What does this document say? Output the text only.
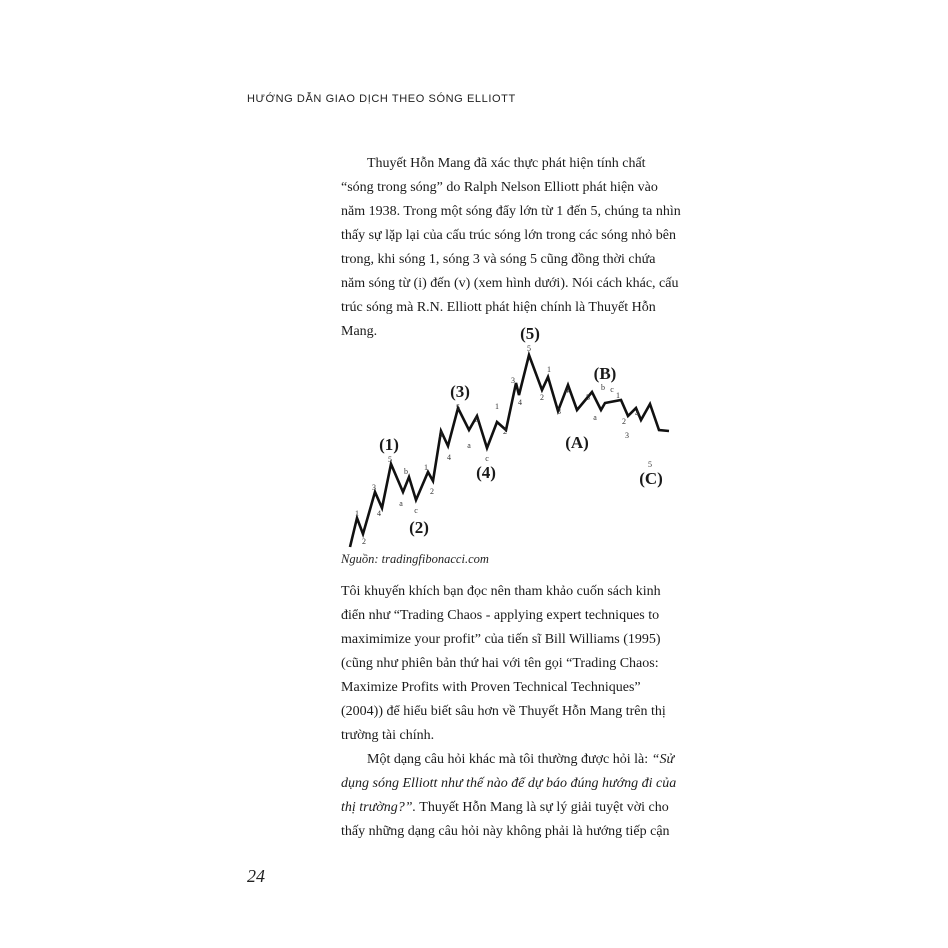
HƯỚNG DẪN GIAO DỊCH THEO SÓNG ELLIOTT

Thuyết Hỗn Mang đã xác thực phát hiện tính chất “sóng trong sóng” do Ralph Nelson Elliott phát hiện vào năm 1938. Trong một sóng đẩy lớn từ 1 đến 5, chúng ta nhìn thấy sự lặp lại của cấu trúc sóng lớn trong các sóng nhỏ bên trong, khi sóng 1, sóng 3 và sóng 5 cũng đồng thời chứa năm sóng từ (i) đến (v) (xem hình dưới). Nói cách khác, cấu trúc sóng mà R.N. Elliott phát hiện chính là Thuyết Hỗn Mang.

(1)
(2)
(3)
(4)
(5)
(A)
(B)
(C)
1
2
3
4
5
a
b
c
1
2
3
4
5
a
b
c
1
2
3
4
5
1
2
3
4
5
a
b c
1
2
3
4
5
Nguồn: tradingfibonacci.com

Tôi khuyến khích bạn đọc nên tham khảo cuốn sách kinh điển như “Trading Chaos - applying expert techniques to maximimize your profit” của tiến sĩ Bill Williams (1995) (cũng như phiên bản thứ hai với tên gọi “Trading Chaos: Maximize Profits with Proven Technical Techniques” (2004)) để hiểu biết sâu hơn về Thuyết Hỗn Mang trên thị trường tài chính.

Một dạng câu hỏi khác mà tôi thường được hỏi là: “Sử dụng sóng Elliott như thế nào để dự báo đúng hướng đi của thị trường?”. Thuyết Hỗn Mang là sự lý giải tuyệt vời cho thấy những dạng câu hỏi này không phải là hướng tiếp cận

24
